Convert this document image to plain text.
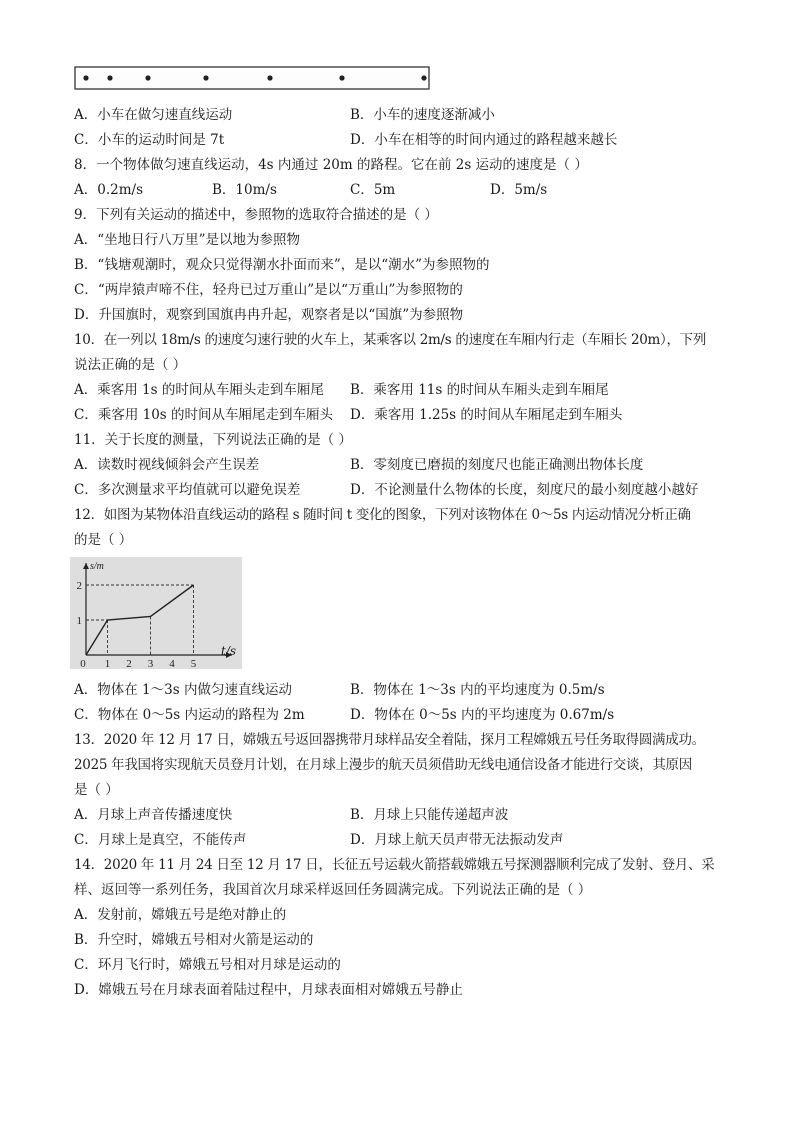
A．小车在做匀速直线运动	B．小车的速度逐渐减小
C．小车的运动时间是 7t	D．小车在相等的时间内通过的路程越来越长
8．一个物体做匀速直线运动，4s 内通过 20m 的路程。它在前 2s 运动的速度是（ ）
A．0.2m/s	B．10m/s	C．5m	D．5m/s
9．下列有关运动的描述中，参照物的选取符合描述的是（ ）
A．“坐地日行八万里”是以地为参照物
B．“钱塘观潮时，观众只觉得潮水扑面而来”，是以“潮水”为参照物的
C．“两岸猿声啼不住，轻舟已过万重山”是以“万重山”为参照物的
D．升国旗时，观察到国旗冉冉升起，观察者是以“国旗”为参照物
10．在一列以 18m/s 的速度匀速行驶的火车上，某乘客以 2m/s 的速度在车厢内行走（车厢长 20m），下列
说法正确的是（ ）
A．乘客用 1s 的时间从车厢头走到车厢尾 B．乘客用 11s 的时间从车厢头走到车厢尾
C．乘客用 10s 的时间从车厢尾走到车厢头 D．乘客用 1.25s 的时间从车厢尾走到车厢头
11．关于长度的测量，下列说法正确的是（ ）
A．读数时视线倾斜会产生误差	B．零刻度已磨损的刻度尺也能正确测出物体长度
C．多次测量求平均值就可以避免误差	D．不论测量什么物体的长度，刻度尺的最小刻度越小越好
12．如图为某物体沿直线运动的路程 s 随时间 t 变化的图象，下列对该物体在 0～5s 内运动情况分析正确
的是（ ）
s/m
0 1 2 3 4 5
1
2
t/s
A．物体在 1～3s 内做匀速直线运动	B．物体在 1～3s 内的平均速度为 0.5m/s
C．物体在 0～5s 内运动的路程为 2m	D．物体在 0～5s 内的平均速度为 0.67m/s
13．2020 年 12 月 17 日，嫦娥五号返回器携带月球样品安全着陆，探月工程嫦娥五号任务取得圆满成功。
2025 年我国将实现航天员登月计划，在月球上漫步的航天员须借助无线电通信设备才能进行交谈，其原因
是（ ）
A．月球上声音传播速度快	B．月球上只能传递超声波
C．月球上是真空，不能传声	D．月球上航天员声带无法振动发声
14．2020 年 11 月 24 日至 12 月 17 日，长征五号运载火箭搭载嫦娥五号探测器顺利完成了发射、登月、采
样、返回等一系列任务，我国首次月球采样返回任务圆满完成。下列说法正确的是（ ）
A．发射前，嫦娥五号是绝对静止的
B．升空时，嫦娥五号相对火箭是运动的
C．环月飞行时，嫦娥五号相对月球是运动的
D．嫦娥五号在月球表面着陆过程中，月球表面相对嫦娥五号静止
